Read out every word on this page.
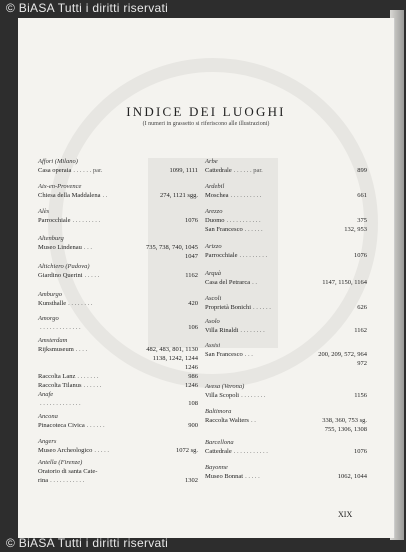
INDICE DEI LUOGHI
(I numeri in grassetto si riferiscono alle illustrazioni)
Affori (Milano)
Casa operaia . . . . . . par.	1099, 1111
Aix-en-Provence
Chiesa della Maddalena . .	274, 1121 sgg.
Alès
Parrocchiale . . . . . . . . .	1076
Altenburg
Museo Lindenau . . .	735, 738, 740, 1045
1047
Altichiero (Padova)
Giardino Querini . . . . .	1162
Amburgo
Kunsthalle . . . . . . . .	420
Amorgo
. . . . . . . . . . . . .	106
Amsterdam
Rijksmuseum . . . .	482, 483, 801, 1130
1138, 1242, 1244
1246
Raccolta Lanz . . . . . . .	986
Raccolta Tilanus . . . . . .	1246
Anafe
. . . . . . . . . . . . .	108
Ancona
Pinacoteca Civica . . . . . .	900
Angers
Museo Archeologico . . . . .	1072 sg.
Antella (Firenze)
Oratorio di santa Cate-
rina . . . . . . . . . . .	1302
Arbe
Cattedrale . . . . . . par.	899
Ardebil
Moschea . . . . . . . . . .	661
Arezzo
Duomo . . . . . . . . . . .	375
San Francesco . . . . . .	132, 953
Arizzo
Parrocchiale . . . . . . . . .	1076
Arquà
Casa del Petrarca . .	1147, 1150, 1164
Ascoli
Proprietà Bonichi . . . . . .	626
Asolo
Villa Rinaldi . . . . . . . .	1162
Assisi
San Francesco . . .	200, 209, 572, 964
972
Avesa (Verona)
Villa Scopoli . . . . . . . .	1156
Baltimora
Raccolta Walters . .	338, 360, 753 sg.
755, 1306, 1308
Barcellona
Cattedrale . . . . . . . . . . .	1076
Bayonne
Museo Bonnat . . . . .	1062, 1044
XIX
© BiASA Tutti i diritti riservati
© BiASA Tutti i diritti riservati
